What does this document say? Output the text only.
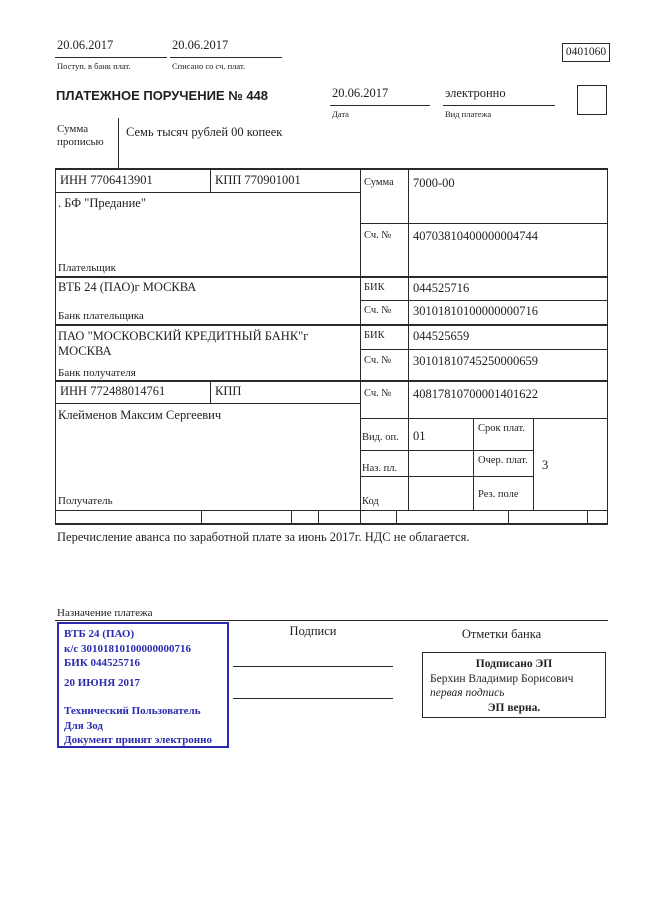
20.06.2017
Поступ. в банк плат.
20.06.2017
Списано со сч. плат.
0401060
ПЛАТЕЖНОЕ ПОРУЧЕНИЕ № 448	20.06.2017
Дата
электронно
Вид платежа
Сумма прописью
Семь тысяч рублей 00 копеек
ИНН 7706413901	КПП 770901001	Сумма 7000-00
. БФ "Предание"
Сч. № 40703810400000004744
Плательщик
ВТБ 24 (ПАО)г МОСКВА	БИК 044525716
Сч. № 30101810100000000716
Банк плательщика
ПАО "МОСКОВСКИЙ КРЕДИТНЫЙ БАНК"г МОСКВА
БИК 044525659
Сч. № 30101810745250000659
Банк получателя
ИНН 772488014761	КПП	Сч. № 40817810700001401622
Клейменов Максим Сергеевич
Получатель
Вид. оп. 01
Срок плат.
Наз. пл.
Очер. плат. 3
Код
Рез. поле
Перечисление аванса по заработной плате за июнь 2017г. НДС не облагается.
Назначение платежа
ВТБ 24 (ПАО)
к/с 30101810100000000716
БИК 044525716
20 ИЮНЯ 2017
Технический Пользователь Для Зод
Документ принят электронно
Подписи	Отметки банка
Подписано ЭП
Берхин Владимир Борисович
первая подпись
ЭП верна.
